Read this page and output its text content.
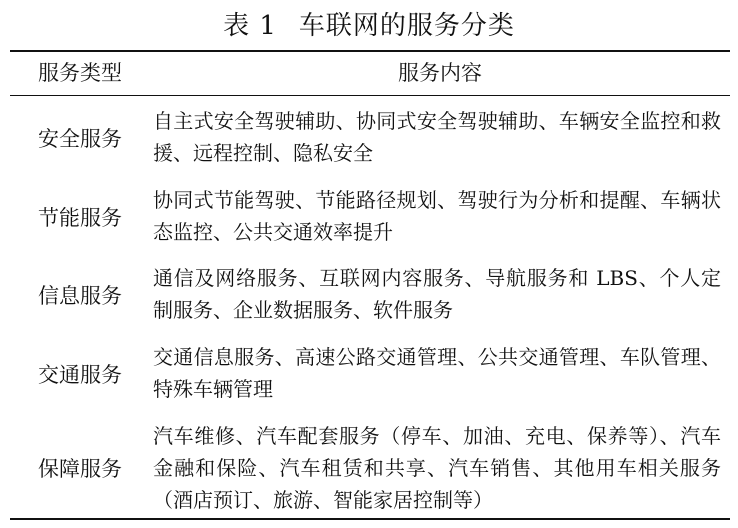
表 1 车联网的服务分类
服务类型	服务内容
安全服务
自主式安全驾驶辅助、协同式安全驾驶辅助、车辆安全监控和救援、远程控制、隐私安全
节能服务
协同式节能驾驶、节能路径规划、驾驶行为分析和提醒、车辆状态监控、公共交通效率提升
信息服务
通信及网络服务、互联网内容服务、导航服务和 LBS、个人定制服务、企业数据服务、软件服务
交通服务
交通信息服务、高速公路交通管理、公共交通管理、车队管理、特殊车辆管理
保障服务
汽车维修、汽车配套服务（停车、加油、充电、保养等）、汽车金融和保险、汽车租赁和共享、汽车销售、其他用车相关服务（酒店预订、旅游、智能家居控制等）
